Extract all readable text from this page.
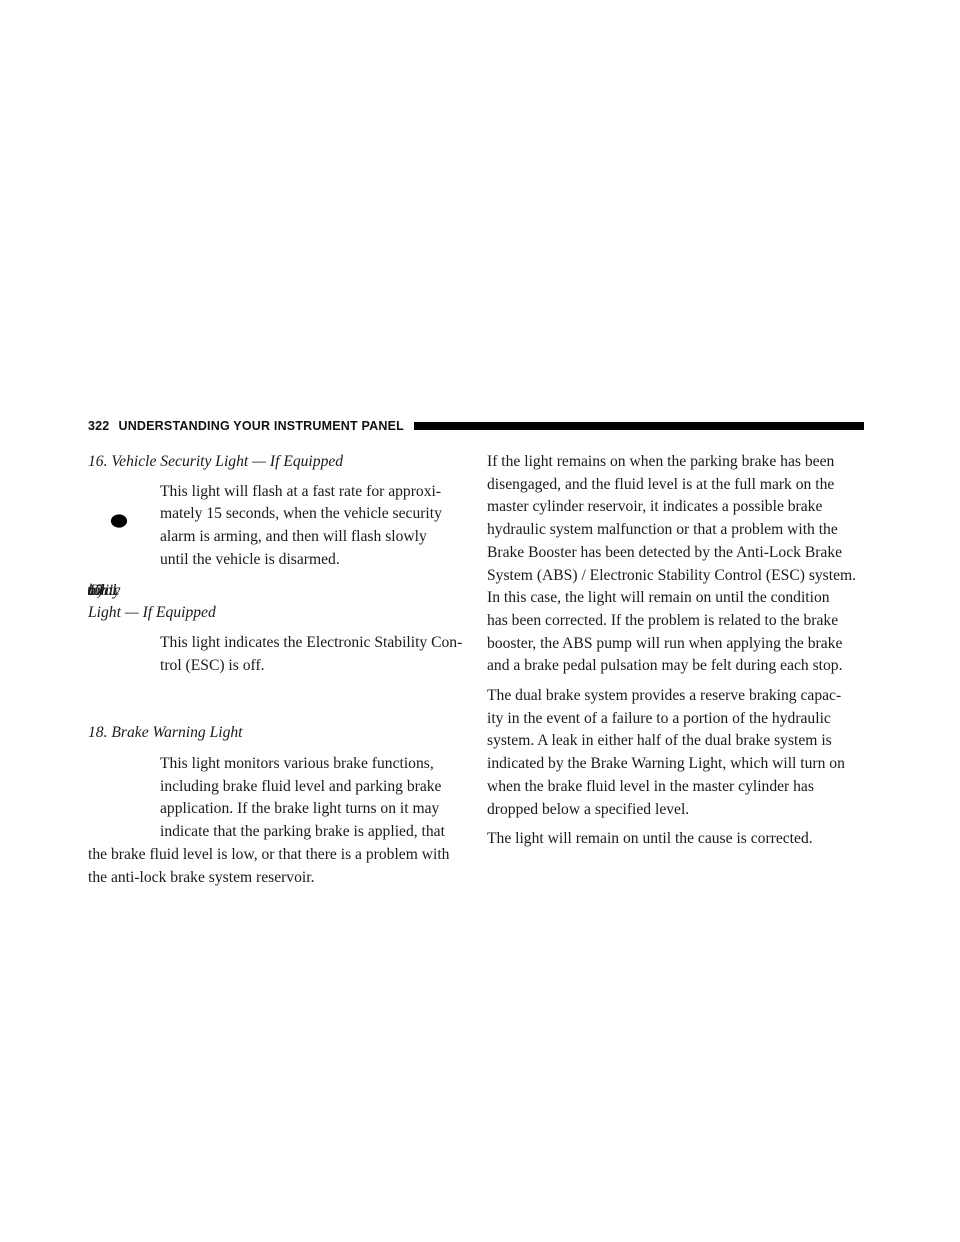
322 UNDERSTANDING YOUR INSTRUMENT PANEL

16. Vehicle Security Light — If Equipped

This light will flash at a fast rate for approxi-
mately 15 seconds, when the vehicle security
alarm is arming, and then will flash slowly
until the vehicle is disarmed.
Light — If Equipped
This light indicates the Electronic Stability Con-
trol (ESC) is off.

18. Brake Warning Light

This light monitors various brake functions,
including brake fluid level and parking brake
application. If the brake light turns on it may
indicate that the parking brake is applied, that
the brake fluid level is low, or that there is a problem with
the anti-lock brake system reservoir.
If the light remains on when the parking brake has been
disengaged, and the fluid level is at the full mark on the
master cylinder reservoir, it indicates a possible brake
hydraulic system malfunction or that a problem with the
Brake Booster has been detected by the Anti-Lock Brake
System (ABS) / Electronic Stability Control (ESC) system.
In this case, the light will remain on until the condition
has been corrected. If the problem is related to the brake
booster, the ABS pump will run when applying the brake
and a brake pedal pulsation may be felt during each stop.
The dual brake system provides a reserve braking capac-
ity in the event of a failure to a portion of the hydraulic
system. A leak in either half of the dual brake system is
indicated by the Brake Warning Light, which will turn on
when the brake fluid level in the master cylinder has
dropped below a specified level.

The light will remain on until the cause is corrected.
